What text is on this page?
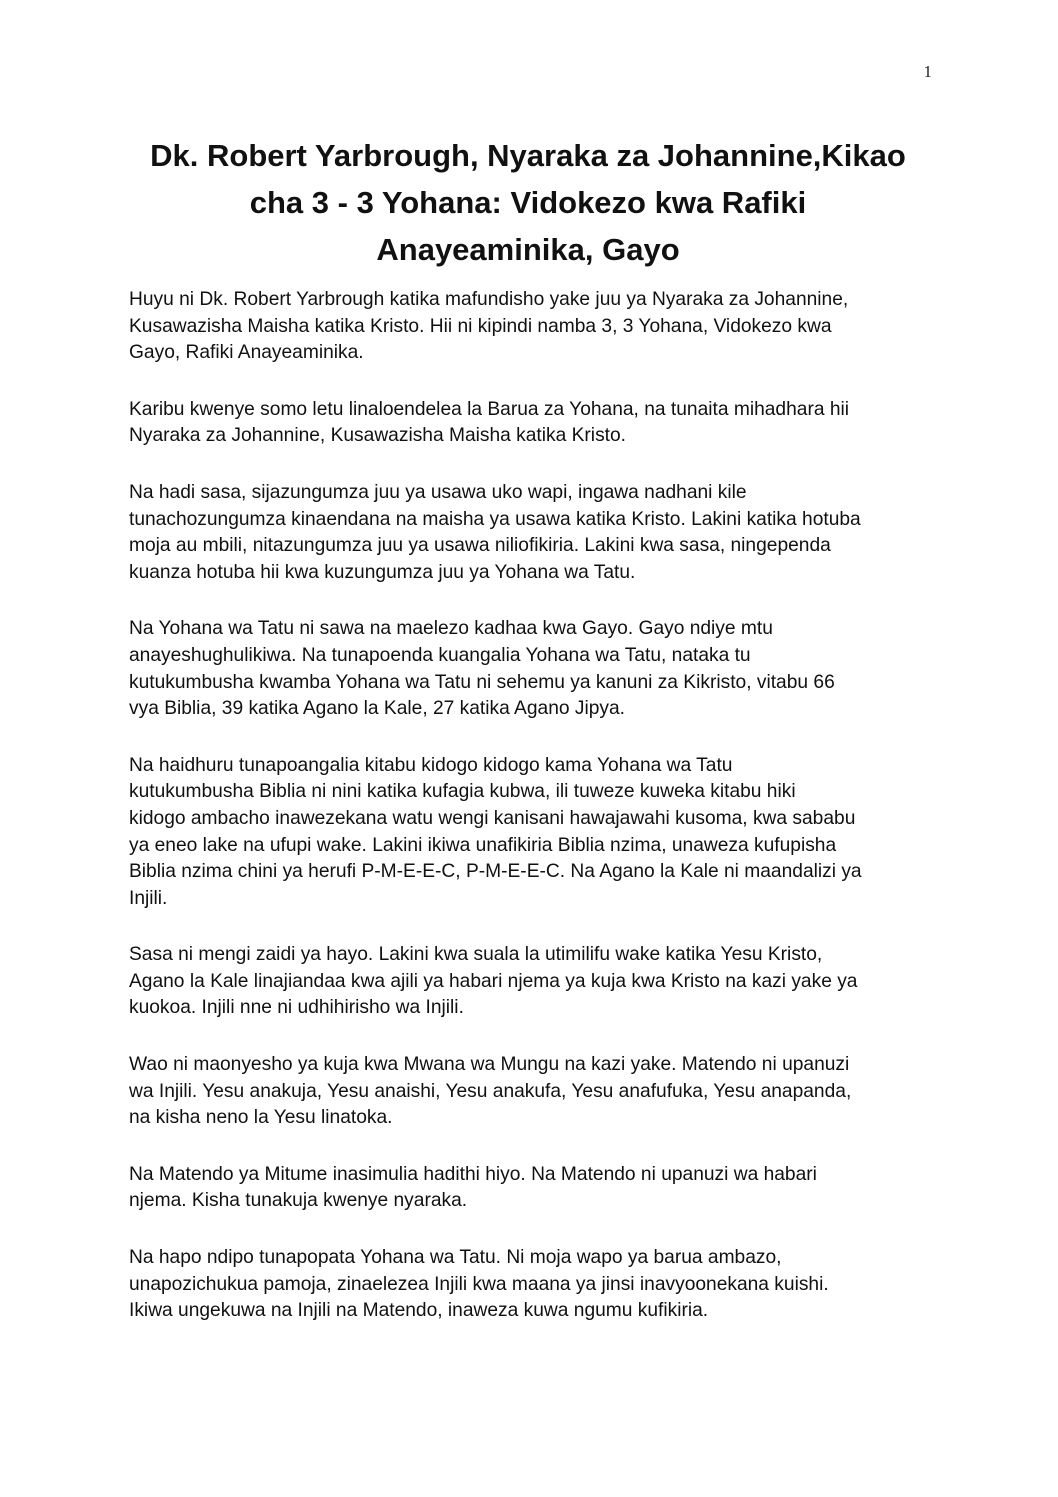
1
Dk. Robert Yarbrough, Nyaraka za Johannine,Kikao
cha 3 - 3 Yohana: Vidokezo kwa Rafiki
Anayeaminika, Gayo

Huyu ni Dk. Robert Yarbrough katika mafundisho yake juu ya Nyaraka za Johannine,
Kusawazisha Maisha katika Kristo. Hii ni kipindi namba 3, 3 Yohana, Vidokezo kwa
Gayo, Rafiki Anayeaminika.

Karibu kwenye somo letu linaloendelea la Barua za Yohana, na tunaita mihadhara hii
Nyaraka za Johannine, Kusawazisha Maisha katika Kristo.

Na hadi sasa, sijazungumza juu ya usawa uko wapi, ingawa nadhani kile
tunachozungumza kinaendana na maisha ya usawa katika Kristo. Lakini katika hotuba
moja au mbili, nitazungumza juu ya usawa niliofikiria. Lakini kwa sasa, ningependa
kuanza hotuba hii kwa kuzungumza juu ya Yohana wa Tatu.

Na Yohana wa Tatu ni sawa na maelezo kadhaa kwa Gayo. Gayo ndiye mtu
anayeshughulikiwa. Na tunapoenda kuangalia Yohana wa Tatu, nataka tu
kutukumbusha kwamba Yohana wa Tatu ni sehemu ya kanuni za Kikristo, vitabu 66
vya Biblia, 39 katika Agano la Kale, 27 katika Agano Jipya.

Na haidhuru tunapoangalia kitabu kidogo kidogo kama Yohana wa Tatu
kutukumbusha Biblia ni nini katika kufagia kubwa, ili tuweze kuweka kitabu hiki
kidogo ambacho inawezekana watu wengi kanisani hawajawahi kusoma, kwa sababu
ya eneo lake na ufupi wake. Lakini ikiwa unafikiria Biblia nzima, unaweza kufupisha
Biblia nzima chini ya herufi P-M-E-E-C, P-M-E-E-C. Na Agano la Kale ni maandalizi ya
Injili.

Sasa ni mengi zaidi ya hayo. Lakini kwa suala la utimilifu wake katika Yesu Kristo,
Agano la Kale linajiandaa kwa ajili ya habari njema ya kuja kwa Kristo na kazi yake ya
kuokoa. Injili nne ni udhihirisho wa Injili.

Wao ni maonyesho ya kuja kwa Mwana wa Mungu na kazi yake. Matendo ni upanuzi
wa Injili. Yesu anakuja, Yesu anaishi, Yesu anakufa, Yesu anafufuka, Yesu anapanda,
na kisha neno la Yesu linatoka.

Na Matendo ya Mitume inasimulia hadithi hiyo. Na Matendo ni upanuzi wa habari
njema. Kisha tunakuja kwenye nyaraka.

Na hapo ndipo tunapopata Yohana wa Tatu. Ni moja wapo ya barua ambazo,
unapozichukua pamoja, zinaelezea Injili kwa maana ya jinsi inavyoonekana kuishi.
Ikiwa ungekuwa na Injili na Matendo, inaweza kuwa ngumu kufikiria.
